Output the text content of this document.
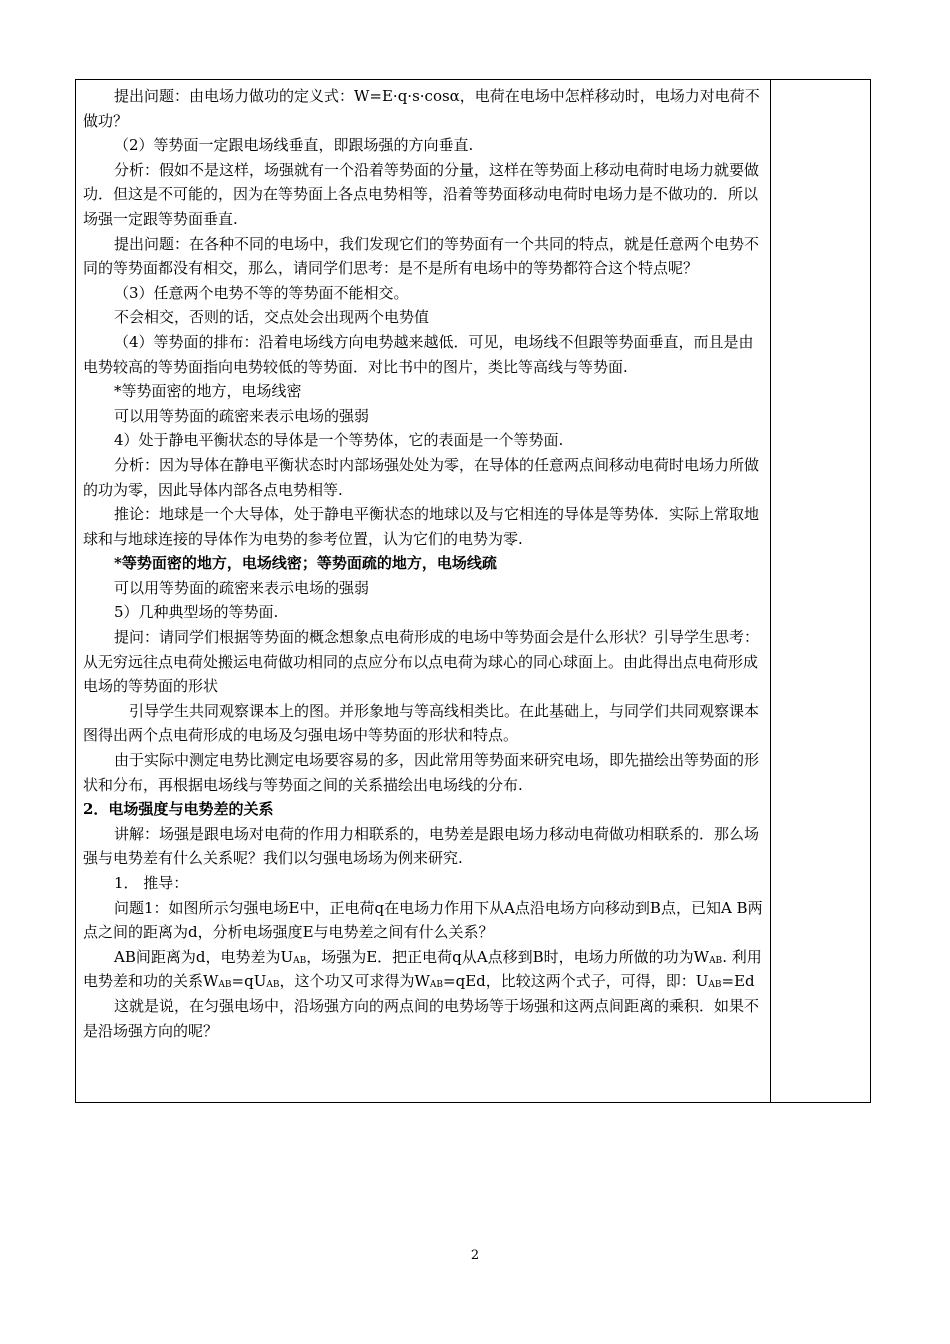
提出问题：由电场力做功的定义式：W=E·q·s·cosα，电荷在电场中怎样移动时，电场力对电荷不做功？

（2）等势面一定跟电场线垂直，即跟场强的方向垂直.

分析：假如不是这样，场强就有一个沿着等势面的分量，这样在等势面上移动电荷时电场力就要做功．但这是不可能的，因为在等势面上各点电势相等，沿着等势面移动电荷时电场力是不做功的．所以场强一定跟等势面垂直.

提出问题：在各种不同的电场中，我们发现它们的等势面有一个共同的特点，就是任意两个电势不同的等势面都没有相交，那么，请同学们思考：是不是所有电场中的等势都符合这个特点呢？

（3）任意两个电势不等的等势面不能相交。

不会相交，否则的话，交点处会出现两个电势值

（4）等势面的排布：沿着电场线方向电势越来越低．可见，电场线不但跟等势面垂直，而且是由电势较高的等势面指向电势较低的等势面．对比书中的图片，类比等高线与等势面.

*等势面密的地方，电场线密

可以用等势面的疏密来表示电场的强弱

4）处于静电平衡状态的导体是一个等势体，它的表面是一个等势面.

分析：因为导体在静电平衡状态时内部场强处处为零，在导体的任意两点间移动电荷时电场力所做的功为零，因此导体内部各点电势相等.

推论：地球是一个大导体，处于静电平衡状态的地球以及与它相连的导体是等势体．实际上常取地球和与地球连接的导体作为电势的参考位置，认为它们的电势为零.

*等势面密的地方，电场线密；等势面疏的地方，电场线疏

可以用等势面的疏密来表示电场的强弱

5）几种典型场的等势面.

提问：请同学们根据等势面的概念想象点电荷形成的电场中等势面会是什么形状？引导学生思考：从无穷远往点电荷处搬运电荷做功相同的点应分布以点电荷为球心的同心球面上。由此得出点电荷形成电场的等势面的形状

引导学生共同观察课本上的图。并形象地与等高线相类比。在此基础上，与同学们共同观察课本图得出两个点电荷形成的电场及匀强电场中等势面的形状和特点。

由于实际中测定电势比测定电场要容易的多，因此常用等势面来研究电场，即先描绘出等势面的形状和分布，再根据电场线与等势面之间的关系描绘出电场线的分布.

2．电场强度与电势差的关系

讲解：场强是跟电场对电荷的作用力相联系的，电势差是跟电场力移动电荷做功相联系的．那么场强与电势差有什么关系呢？我们以匀强电场场为例来研究.

1． 推导：

问题1：如图所示匀强电场E中，正电荷q在电场力作用下从A点沿电场方向移动到B点，已知A B两点之间的距离为d，分析电场强度E与电势差之间有什么关系？

AB间距离为d，电势差为UAB，场强为E．把正电荷q从A点移到B时，电场力所做的功为WAB. 利用电势差和功的关系WAB=qUAB，这个功又可求得为WAB=qEd，比较这两个式子，可得，即：UAB=Ed

这就是说，在匀强电场中，沿场强方向的两点间的电势场等于场强和这两点间距离的乘积．如果不是沿场强方向的呢？

2
